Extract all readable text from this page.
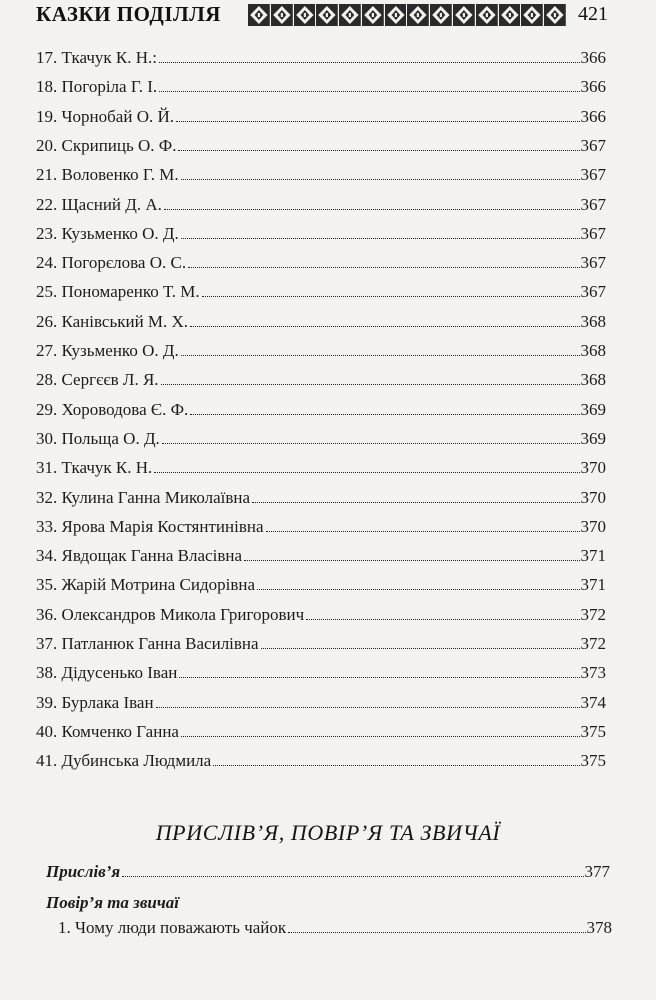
КАЗКИ ПОДІЛЛЯ	421
17. Ткачук К. Н.:	366
18. Погоріла Г. І.	366
19. Чорнобай О. Й.	366
20. Скрипиць О. Ф.	367
21. Воловенко Г. М.	367
22. Щасний Д. А.	367
23. Кузьменко О. Д.	367
24. Погорєлова О. С.	367
25. Пономаренко Т. М.	367
26. Канівський М. Х.	368
27. Кузьменко О. Д.	368
28. Сергєєв Л. Я.	368
29. Хороводова Є. Ф.	369
30. Польща О. Д.	369
31. Ткачук К. Н.	370
32. Кулина Ганна Миколаївна	370
33. Ярова Марія Костянтинівна	370
34. Явдощак Ганна Власівна	371
35. Жарій Мотрина Сидорівна	371
36. Олександров Микола Григорович	372
37. Патланюк Ганна Василівна	372
38. Дідусенько Іван	373
39. Бурлака Іван	374
40. Комченко Ганна	375
41. Дубинська Людмила	375
ПРИСЛІВ’Я, ПОВІР’Я ТА ЗВИЧАЇ
Прислів’я	377
Повір’я та звичаї
1. Чому люди поважають чайок	378
